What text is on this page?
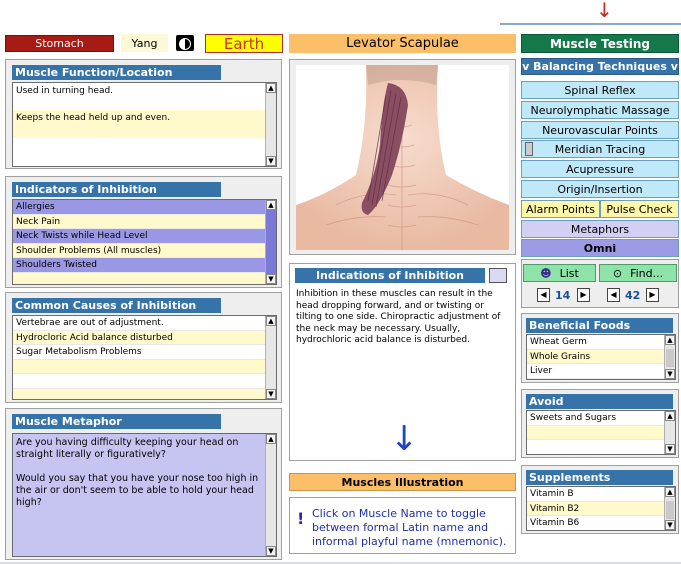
↓
Stomach	Yang	Earth	Levator Scapulae	Muscle Testing
Muscle Function/Location
Used in turning head.
Keeps the head held up and even.
▲
▼
Indicators of Inhibition
Allergies
Neck Pain
Neck Twists while Head Level
Shoulder Problems (All muscles)
Shoulders Twisted
▲
▼
Common Causes of Inhibition
Vertebrae are out of adjustment.
Hydrocloric Acid balance disturbed
Sugar Metabolism Problems
▲
▼
Muscle Metaphor
Are you having difficulty keeping your head on straight literally or figuratively?
Would you say that you have your nose too high in the air or don't seem to be able to hold your head high?
▲
▼
Indications of Inhibition
Inhibition in these muscles can result in the head dropping forward, and or twisting or tilting to one side. Chiropractic adjustment of the neck may be necessary. Usually, hydrochloric acid balance is disturbed.
↓
Muscles Illustration
! Click on Muscle Name to toggle between formal Latin name and informal playful name (mnemonic).
v Balancing Techniques v
Spinal Reflex
Neurolymphatic Massage
Neurovascular Points
Meridian Tracing
Acupressure
Origin/Insertion
Alarm Points	Pulse Check
Metaphors
Omni
☻ List	⊙ Find...
◀ 14	▶	◀ 42	▶
Beneficial Foods
Wheat Germ
Whole Grains
Liver
▲
▼
Avoid
Sweets and Sugars	▲
▼
Supplements
Vitamin B
Vitamin B2
Vitamin B6
▲
▼
